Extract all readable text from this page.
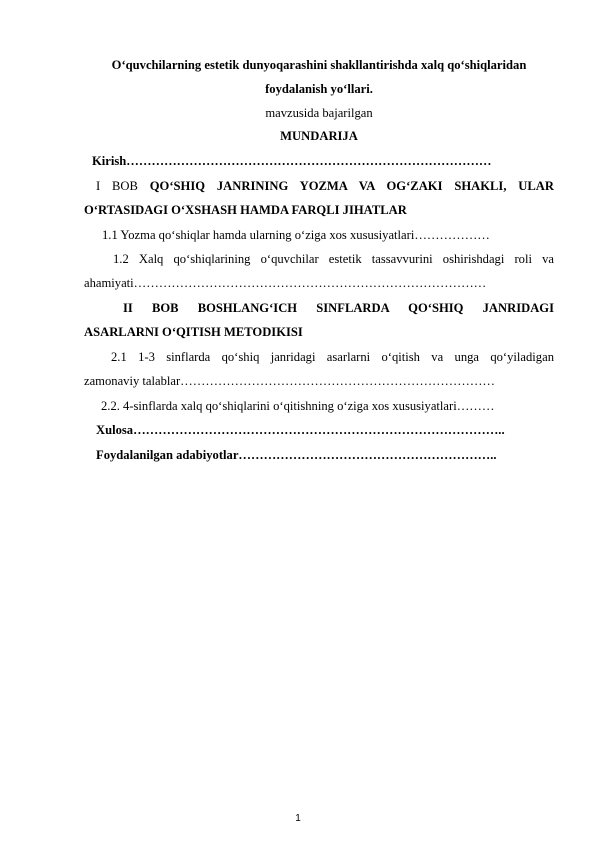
O‘quvchilarning estetik dunyoqarashini shakllantirishda xalq qo‘shiqlaridan
foydalanish yo‘llari.
mavzusida bajarilgan
MUNDARIJA
Kirish……………………………………………………………………………
I BOB QO‘SHIQ JANRINING YOZMA VA OG‘ZAKI SHAKLI, ULAR
O‘RTASIDAGI O‘XSHASH HAMDA FARQLI JIHATLAR
1.1 Yozma qo‘shiqlar hamda ularning o‘ziga xos xususiyatlari………………
1.2 Xalq qo‘shiqlarining o‘quvchilar estetik tassavvurini oshirishdagi roli va
ahamiyati…………………………………………………………………………
II BOB BOSHLANG‘ICH SINFLARDA QO‘SHIQ JANRIDAGI
ASARLARNI O‘QITISH METODIKISI
2.1 1-3 sinflarda qo‘shiq janridagi asarlarni o‘qitish va unga qo‘yiladigan
zamonaviy talablar…………………………………………………………………
2.2. 4-sinflarda xalq qo‘shiqlarini o‘qitishning o‘ziga xos xususiyatlari………
Xulosa……………………………………………………………………………..
Foydalanilgan adabiyotlar……………………………………………………..
1
